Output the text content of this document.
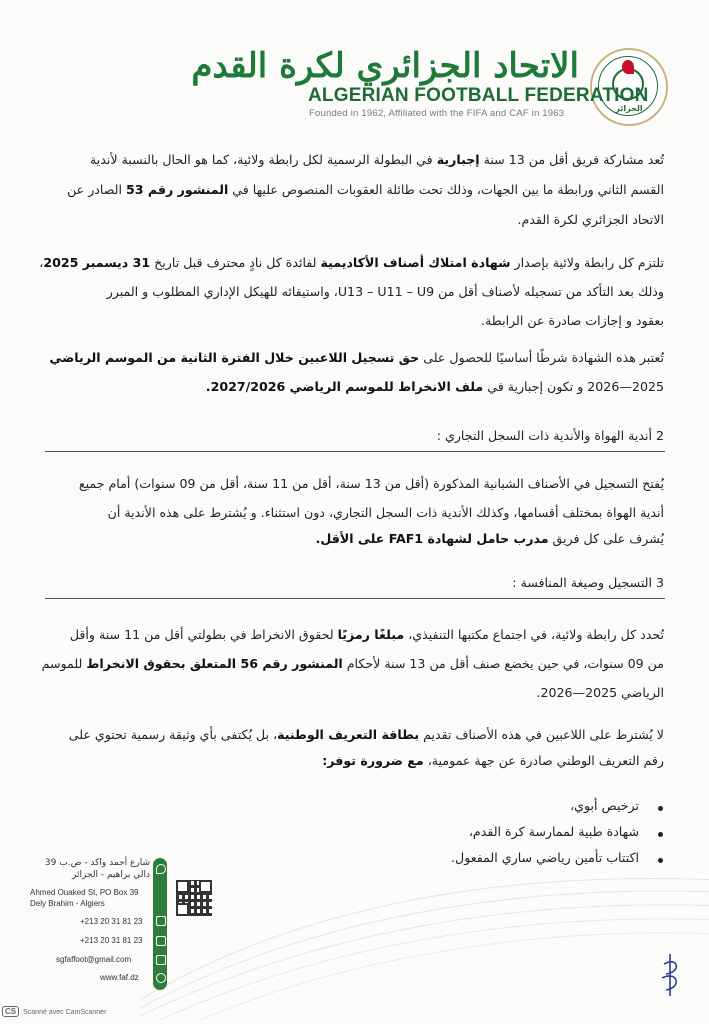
الجزائر
الاتحاد الجزائري لكرة القدم
ALGERIAN FOOTBALL FEDERATION
Founded in 1962, Affiliated with the FIFA and CAF in 1963
تُعد مشاركة فريق أقل من 13 سنة إجبارية في البطولة الرسمية لكل رابطة ولائية، كما هو الحال بالنسبة لأندية
القسم الثاني ورابطة ما بين الجهات، وذلك تحت طائلة العقوبات المنصوص عليها في المنشور رقم 53 الصادر عن
الاتحاد الجزائري لكرة القدم.
تلتزم كل رابطة ولائية بإصدار شهادة امتلاك أصناف الأكاديمية لفائدة كل نادٍ محترف قبل تاريخ 31 ديسمبر 2025،
وذلك بعد التأكد من تسجيله لأصناف أقل من U13 – U11 – U9، واستيفائه للهيكل الإداري المطلوب و المبرر
بعقود و إجازات صادرة عن الرابطة.
تُعتبر هذه الشهادة شرطًا أساسيًا للحصول على حق تسجيل اللاعبين خلال الفترة الثانية من الموسم الرياضي
2025—2026 و تكون إجبارية في ملف الانخراط للموسم الرياضي 2027/2026.
2 أندية الهواة والأندية ذات السجل التجاري :
يُفتح التسجيل في الأصناف الشبانية المذكورة (أقل من 13 سنة، أقل من 11 سنة، أقل من 09 سنوات) أمام جميع
أندية الهواة بمختلف أقسامها، وكذلك الأندية ذات السجل التجاري، دون استثناء. و يُشترط على هذه الأندية أن
يُشرف على كل فريق مدرب حامل لشهادة FAF1 على الأقل.
3 التسجيل وصيغة المنافسة :
تُحدد كل رابطة ولائية، في اجتماع مكتبها التنفيذي، مبلغًا رمزيًا لحقوق الانخراط في بطولتي أقل من 11 سنة وأقل
من 09 سنوات، في حين يخضع صنف أقل من 13 سنة لأحكام المنشور رقم 56 المتعلق بحقوق الانخراط للموسم
الرياضي 2025—2026.
لا يُشترط على اللاعبين في هذه الأصناف تقديم بطاقة التعريف الوطنية، بل يُكتفى بأي وثيقة رسمية تحتوي على
رقم التعريف الوطني صادرة عن جهة عمومية، مع ضرورة توفر:
ترخيص أبوي،
شهادة طبية لممارسة كرة القدم،
اكتتاب تأمين رياضي ساري المفعول.
شارع أحمد واكد - ص.ب 39
دالي براهيم - الجزائر
Ahmed Ouaked St, PO Box 39
Dely Brahim - Algiers
+213 20 31 81 23
+213 20 31 81 23
sgfaffoot@gmail.com
www.faf.dz
CS Scanné avec CamScanner
